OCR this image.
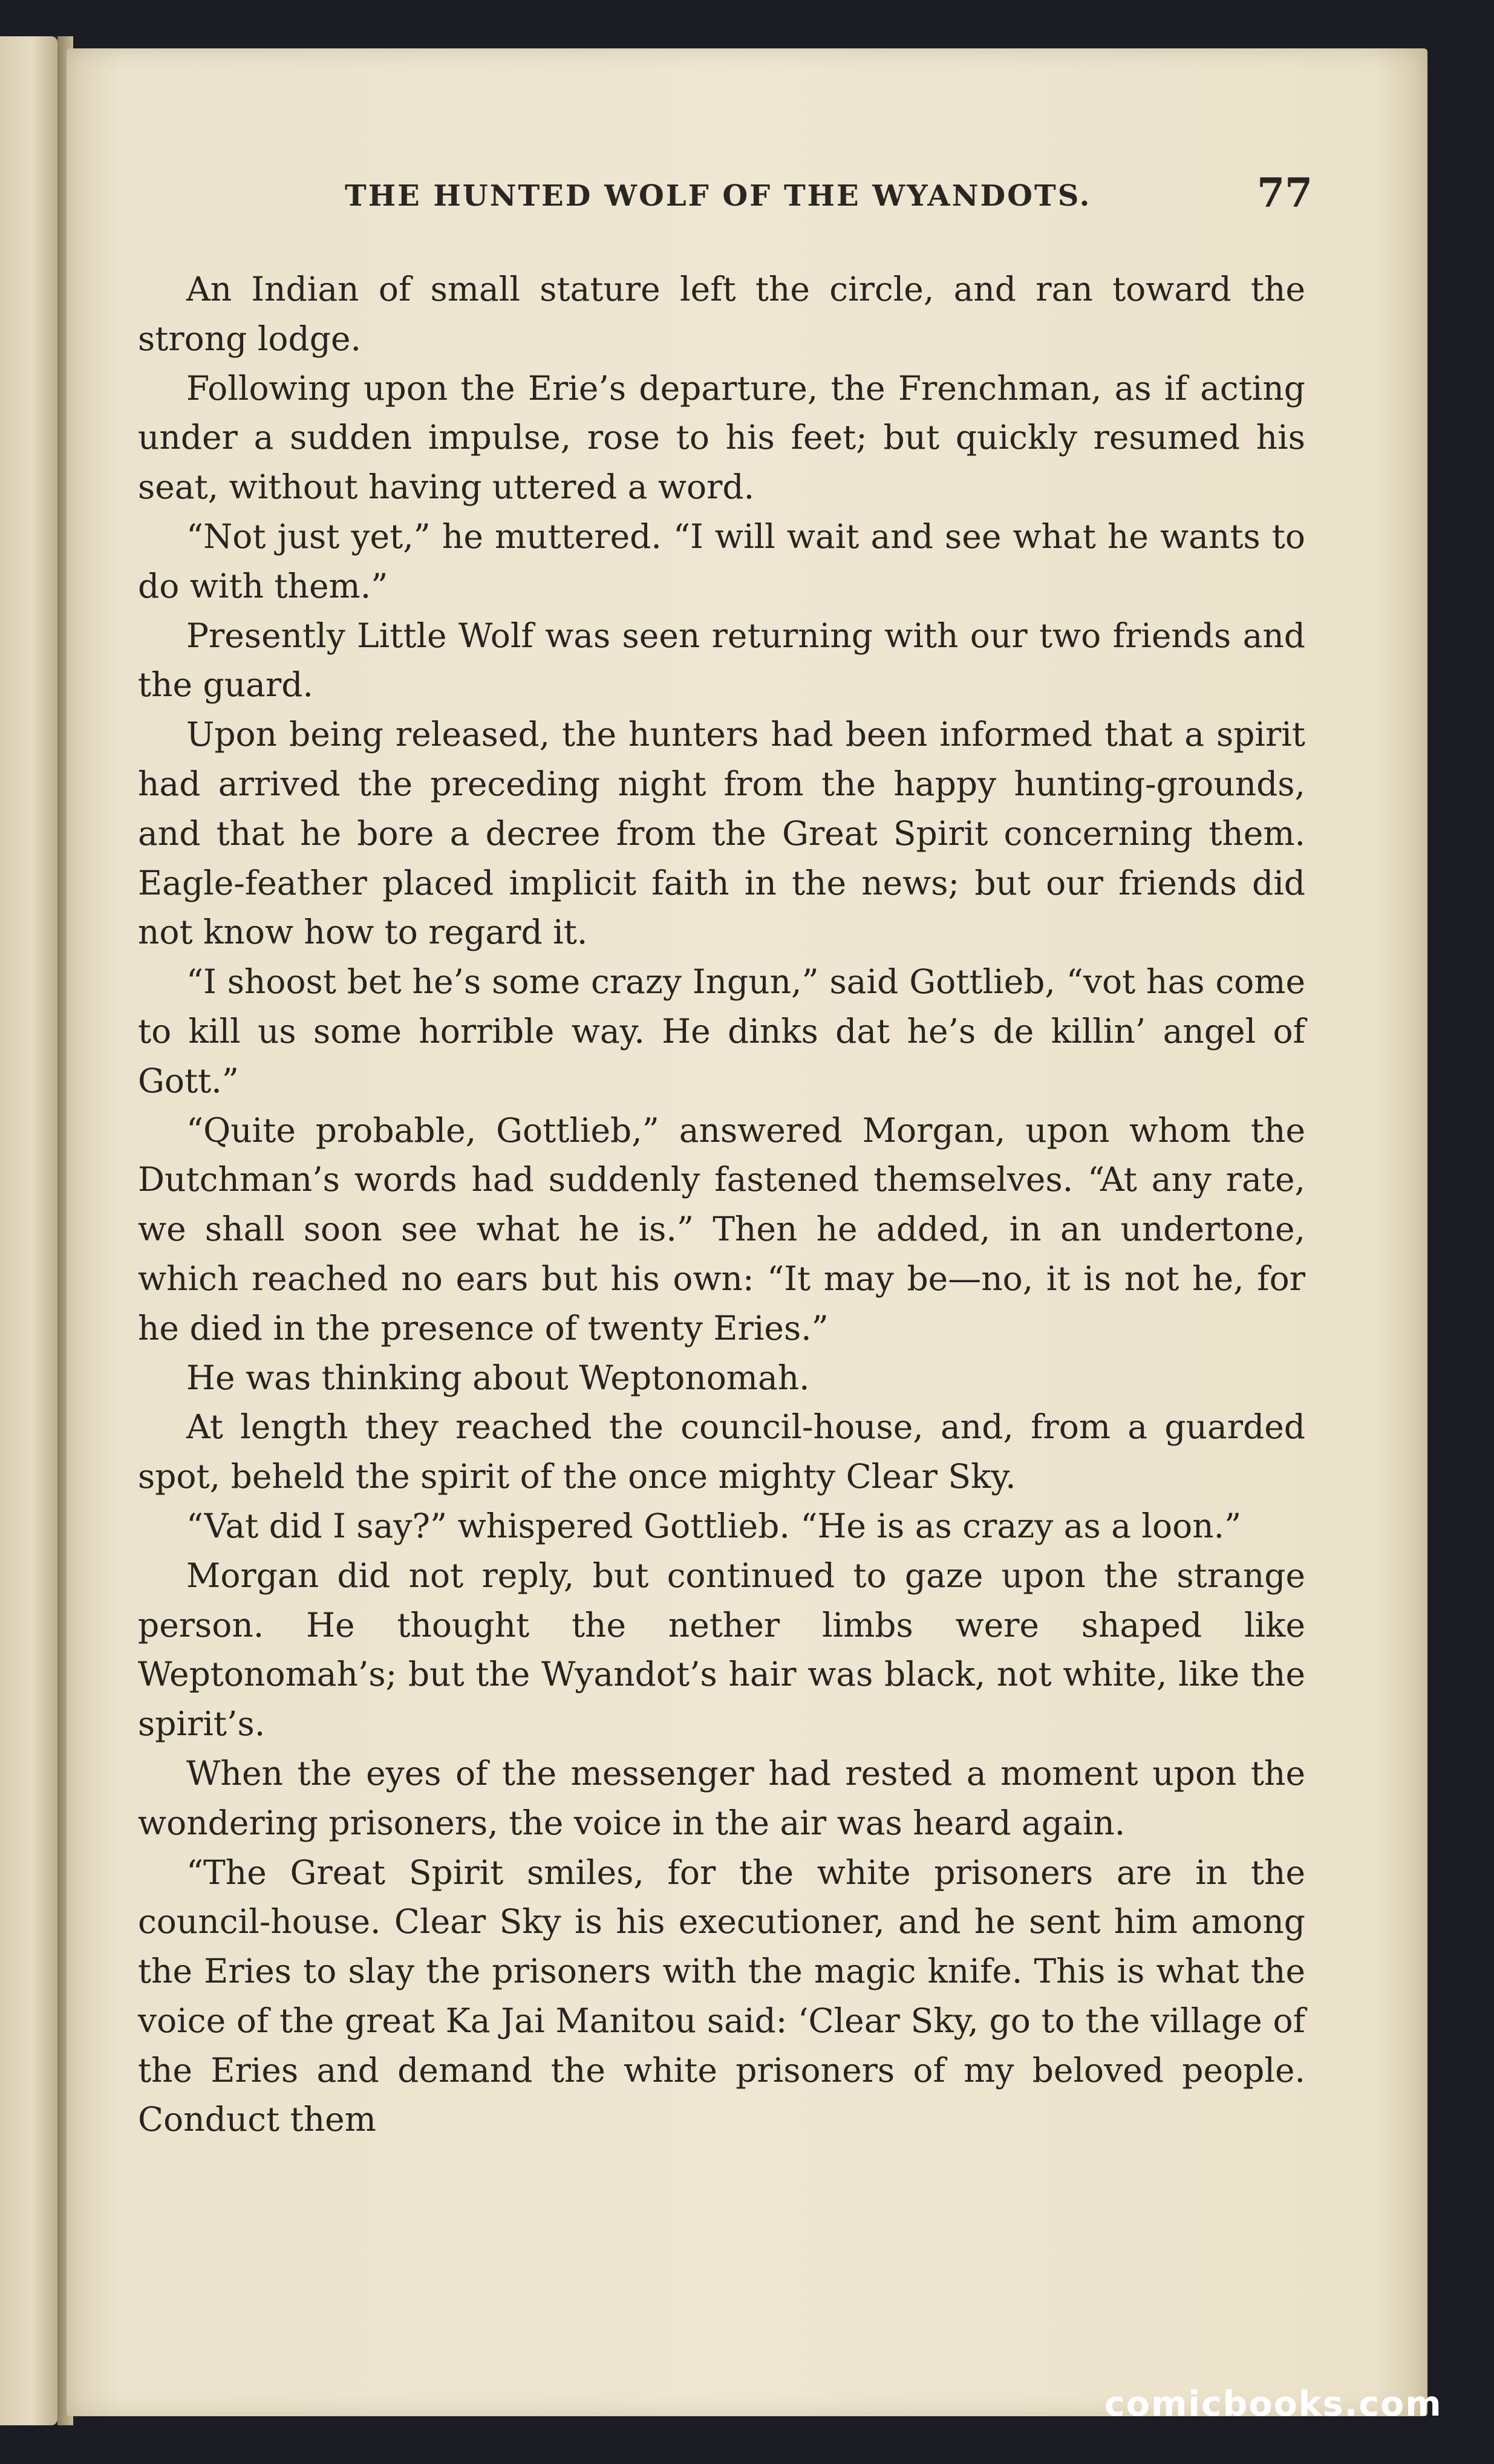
THE HUNTED WOLF OF THE WYANDOTS.	77

An Indian of small stature left the circle, and ran toward the strong lodge.

Following upon the Erie’s departure, the Frenchman, as if acting under a sudden impulse, rose to his feet; but quickly resumed his seat, without having uttered a word.

“Not just yet,” he muttered. “I will wait and see what he wants to do with them.”

Presently Little Wolf was seen returning with our two friends and the guard.

Upon being released, the hunters had been informed that a spirit had arrived the preceding night from the happy hunting-grounds, and that he bore a decree from the Great Spirit concerning them. Eagle-feather placed implicit faith in the news; but our friends did not know how to regard it.

“I shoost bet he’s some crazy Ingun,” said Gottlieb, “vot has come to kill us some horrible way. He dinks dat he’s de killin’ angel of Gott.”

“Quite probable, Gottlieb,” answered Morgan, upon whom the Dutchman’s words had suddenly fastened themselves. “At any rate, we shall soon see what he is.” Then he added, in an undertone, which reached no ears but his own: “It may be—no, it is not he, for he died in the presence of twenty Eries.”

He was thinking about Weptonomah.

At length they reached the council-house, and, from a guarded spot, beheld the spirit of the once mighty Clear Sky.

“Vat did I say?” whispered Gottlieb. “He is as crazy as a loon.”

Morgan did not reply, but continued to gaze upon the strange person. He thought the nether limbs were shaped like Weptonomah’s; but the Wyandot’s hair was black, not white, like the spirit’s.

When the eyes of the messenger had rested a moment upon the wondering prisoners, the voice in the air was heard again.

“The Great Spirit smiles, for the white prisoners are in the council-house. Clear Sky is his executioner, and he sent him among the Eries to slay the prisoners with the magic knife. This is what the voice of the great Ka Jai Manitou said: ‘Clear Sky, go to the village of the Eries and demand the white prisoners of my beloved people. Conduct them

comicbooks.com
